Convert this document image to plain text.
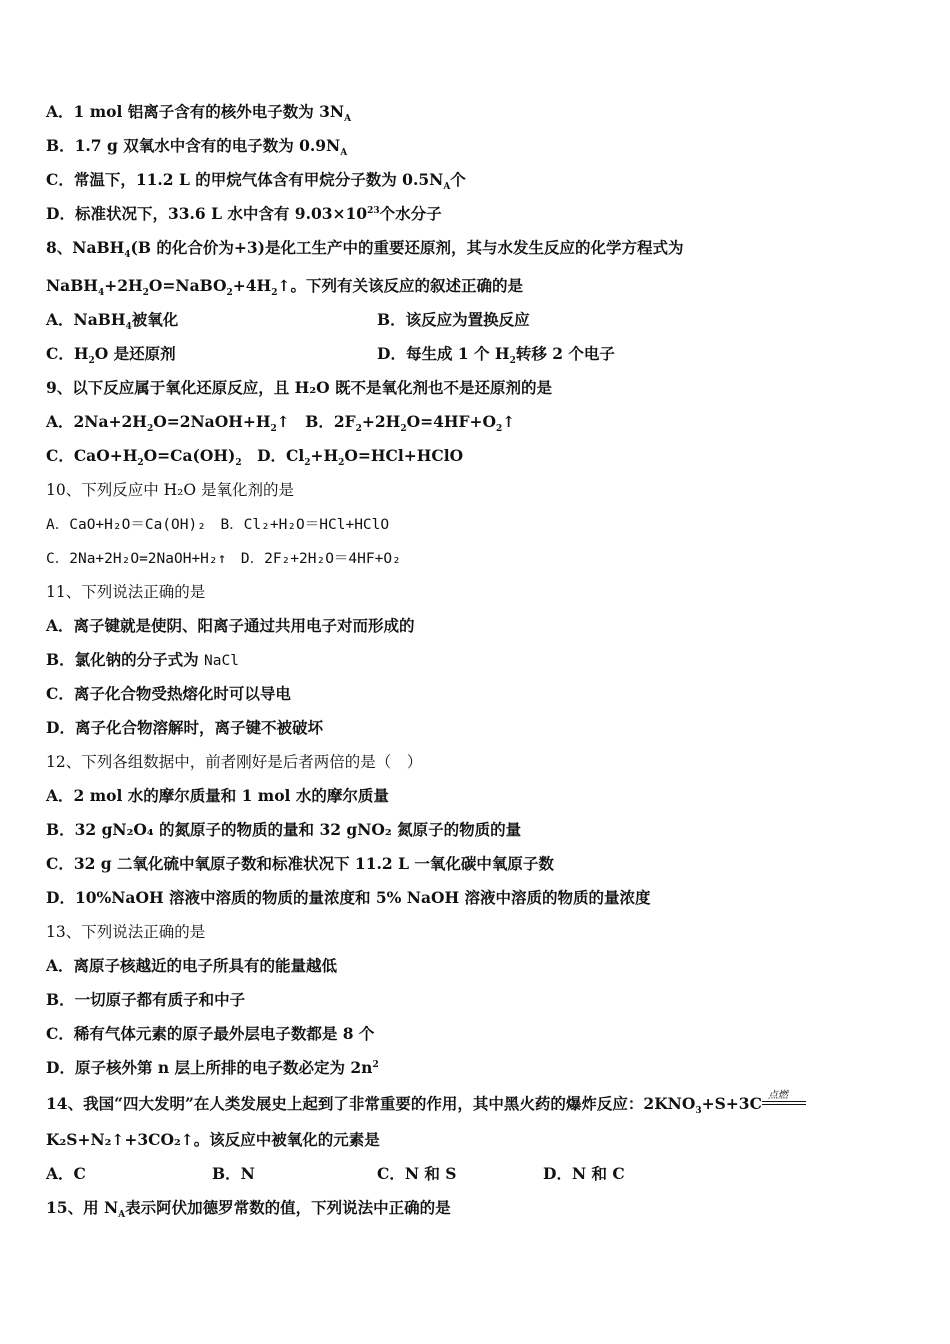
A．1 mol 铝离子含有的核外电子数为 $3N_A$
B．1.7 g 双氧水中含有的电子数为 $0.9N_A$
C．常温下，11.2 L 的甲烷气体含有甲烷分子数为 $0.5N_A$个
D．标准状况下，33.6 L 水中含有 $9.03\times 10^{23}$个水分子
8、NaBH$_4$(B 的化合价为+3)是化工生产中的重要还原剂，其与水发生反应的化学方程式为
$NaBH_4+2H_2O=NaBO_2+4H_2↑$。下列有关该反应的叙述正确的是
A．NaBH$_4$被氧化	B．该反应为置换反应
C．$H_2O$ 是还原剂	D．每生成 1 个 $H_2$转移 2 个电子
9、以下反应属于氧化还原反应，且 H₂O 既不是氧化剂也不是还原剂的是
A．$2Na+2H_2O=2NaOH+H_2↑$　B．$2F_2+2H_2O=4HF+O_2↑$
C．$CaO+H_2O=Ca(OH)_2$　D．$Cl_2+H_2O=HCl+HClO$
10、下列反应中 H₂O 是氧化剂的是
A．CaO+H₂O＝Ca(OH)₂　B．Cl₂+H₂O＝HCl+HClO
C．2Na+2H₂O=2NaOH+H₂↑　D．2F₂+2H₂O＝4HF+O₂
11、下列说法正确的是
A．离子键就是使阴、阳离子通过共用电子对而形成的
B．氯化钠的分子式为 NaCl
C．离子化合物受热熔化时可以导电
D．离子化合物溶解时，离子键不被破坏
12、下列各组数据中，前者刚好是后者两倍的是（　）
A．2 mol 水的摩尔质量和 1 mol 水的摩尔质量
B．32 gN₂O₄ 的氮原子的物质的量和 32 gNO₂ 氮原子的物质的量
C．32 g 二氧化硫中氧原子数和标准状况下 11.2 L 一氧化碳中氧原子数
D．10%NaOH 溶液中溶质的物质的量浓度和 5% NaOH 溶液中溶质的物质的量浓度
13、下列说法正确的是
A．离原子核越近的电子所具有的能量越低
B．一切原子都有质子和中子
C．稀有气体元素的原子最外层电子数都是 8 个
D．原子核外第 n 层上所排的电子数必定为 $2n^2$
14、我国“四大发明”在人类发展史上起到了非常重要的作用，其中黑火药的爆炸反应：$2KNO_3+S+3C$ 点燃
K₂S+N₂↑+3CO₂↑。该反应中被氧化的元素是
A．C	B．N	C．N 和 S	D．N 和 C
15、用 $N_A$表示阿伏加德罗常数的值，下列说法中正确的是
